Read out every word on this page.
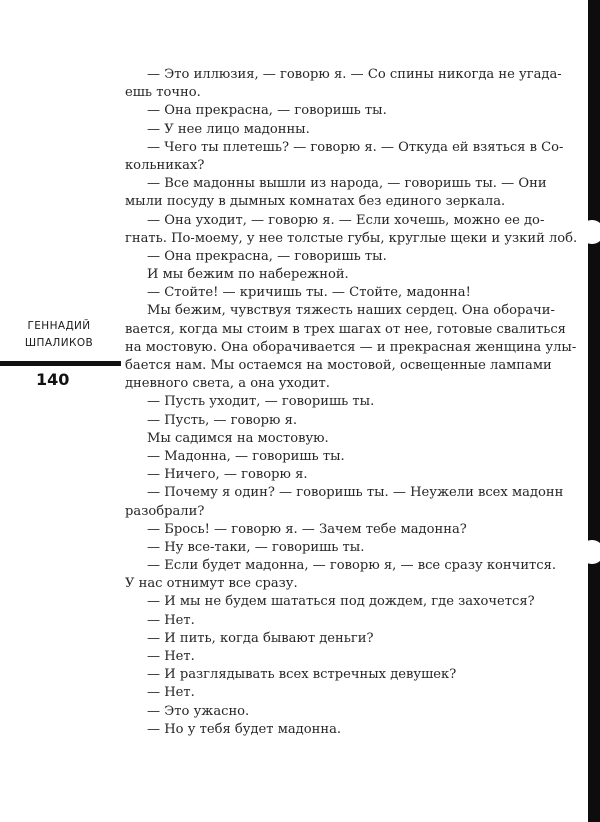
ГЕННАДИЙ
ШПАЛИКОВ
140
— Это иллюзия, — говорю я. — Со спины никогда не угада-
ешь точно.
— Она прекрасна, — говоришь ты.
— У нее лицо мадонны.
— Чего ты плетешь? — говорю я. — Откуда ей взяться в Со-
кольниках?
— Все мадонны вышли из народа, — говоришь ты. — Они
мыли посуду в дымных комнатах без единого зеркала.
— Она уходит, — говорю я. — Если хочешь, можно ее до-
гнать. По-моему, у нее толстые губы, круглые щеки и узкий лоб.
— Она прекрасна, — говоришь ты.
И мы бежим по набережной.
— Стойте! — кричишь ты. — Стойте, мадонна!
Мы бежим, чувствуя тяжесть наших сердец. Она оборачи-
вается, когда мы стоим в трех шагах от нее, готовые свалиться
на мостовую. Она оборачивается — и прекрасная женщина улы-
бается нам. Мы остаемся на мостовой, освещенные лампами
дневного света, а она уходит.
— Пусть уходит, — говоришь ты.
— Пусть, — говорю я.
Мы садимся на мостовую.
— Мадонна, — говоришь ты.
— Ничего, — говорю я.
— Почему я один? — говоришь ты. — Неужели всех мадонн
разобрали?
— Брось! — говорю я. — Зачем тебе мадонна?
— Ну все-таки, — говоришь ты.
— Если будет мадонна, — говорю я, — все сразу кончится.
У нас отнимут все сразу.
— И мы не будем шататься под дождем, где захочется?
— Нет.
— И пить, когда бывают деньги?
— Нет.
— И разглядывать всех встречных девушек?
— Нет.
— Это ужасно.
— Но у тебя будет мадонна.
